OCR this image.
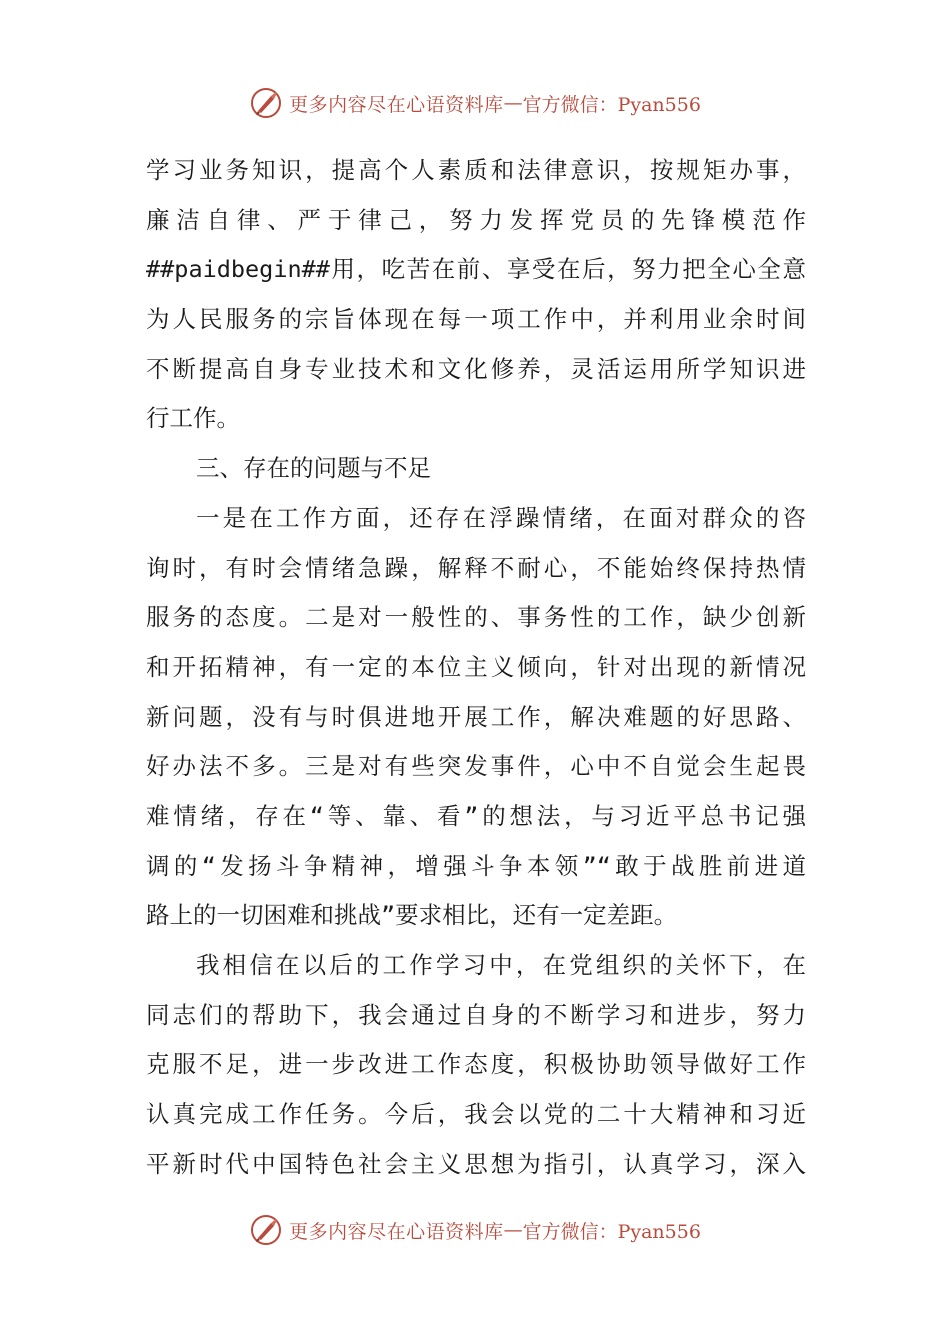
更多内容尽在心语资料库 — 官方微信：Pyan556
学习业务知识，提高个人素质和法律意识，按规矩办事，
廉洁自律、严于律己，努力发挥党员的先锋模范作
##paidbegin##用，吃苦在前、享受在后，努力把全心全意
为人民服务的宗旨体现在每一项工作中，并利用业余时间
不断提高自身专业技术和文化修养，灵活运用所学知识进
行工作。
三、存在的问题与不足
一是在工作方面，还存在浮躁情绪，在面对群众的咨
询时，有时会情绪急躁，解释不耐心，不能始终保持热情
服务的态度。二是对一般性的、事务性的工作，缺少创新
和开拓精神，有一定的本位主义倾向，针对出现的新情况
新问题，没有与时俱进地开展工作，解决难题的好思路、
好办法不多。三是对有些突发事件，心中不自觉会生起畏
难情绪，存在“等、靠、看”的想法，与习近平总书记强
调的“发扬斗争精神，增强斗争本领”“敢于战胜前进道
路上的一切困难和挑战”要求相比，还有一定差距。
我相信在以后的工作学习中，在党组织的关怀下，在
同志们的帮助下，我会通过自身的不断学习和进步，努力
克服不足，进一步改进工作态度，积极协助领导做好工作
认真完成工作任务。今后，我会以党的二十大精神和习近
平新时代中国特色社会主义思想为指引，认真学习，深入
更多内容尽在心语资料库 — 官方微信：Pyan556
